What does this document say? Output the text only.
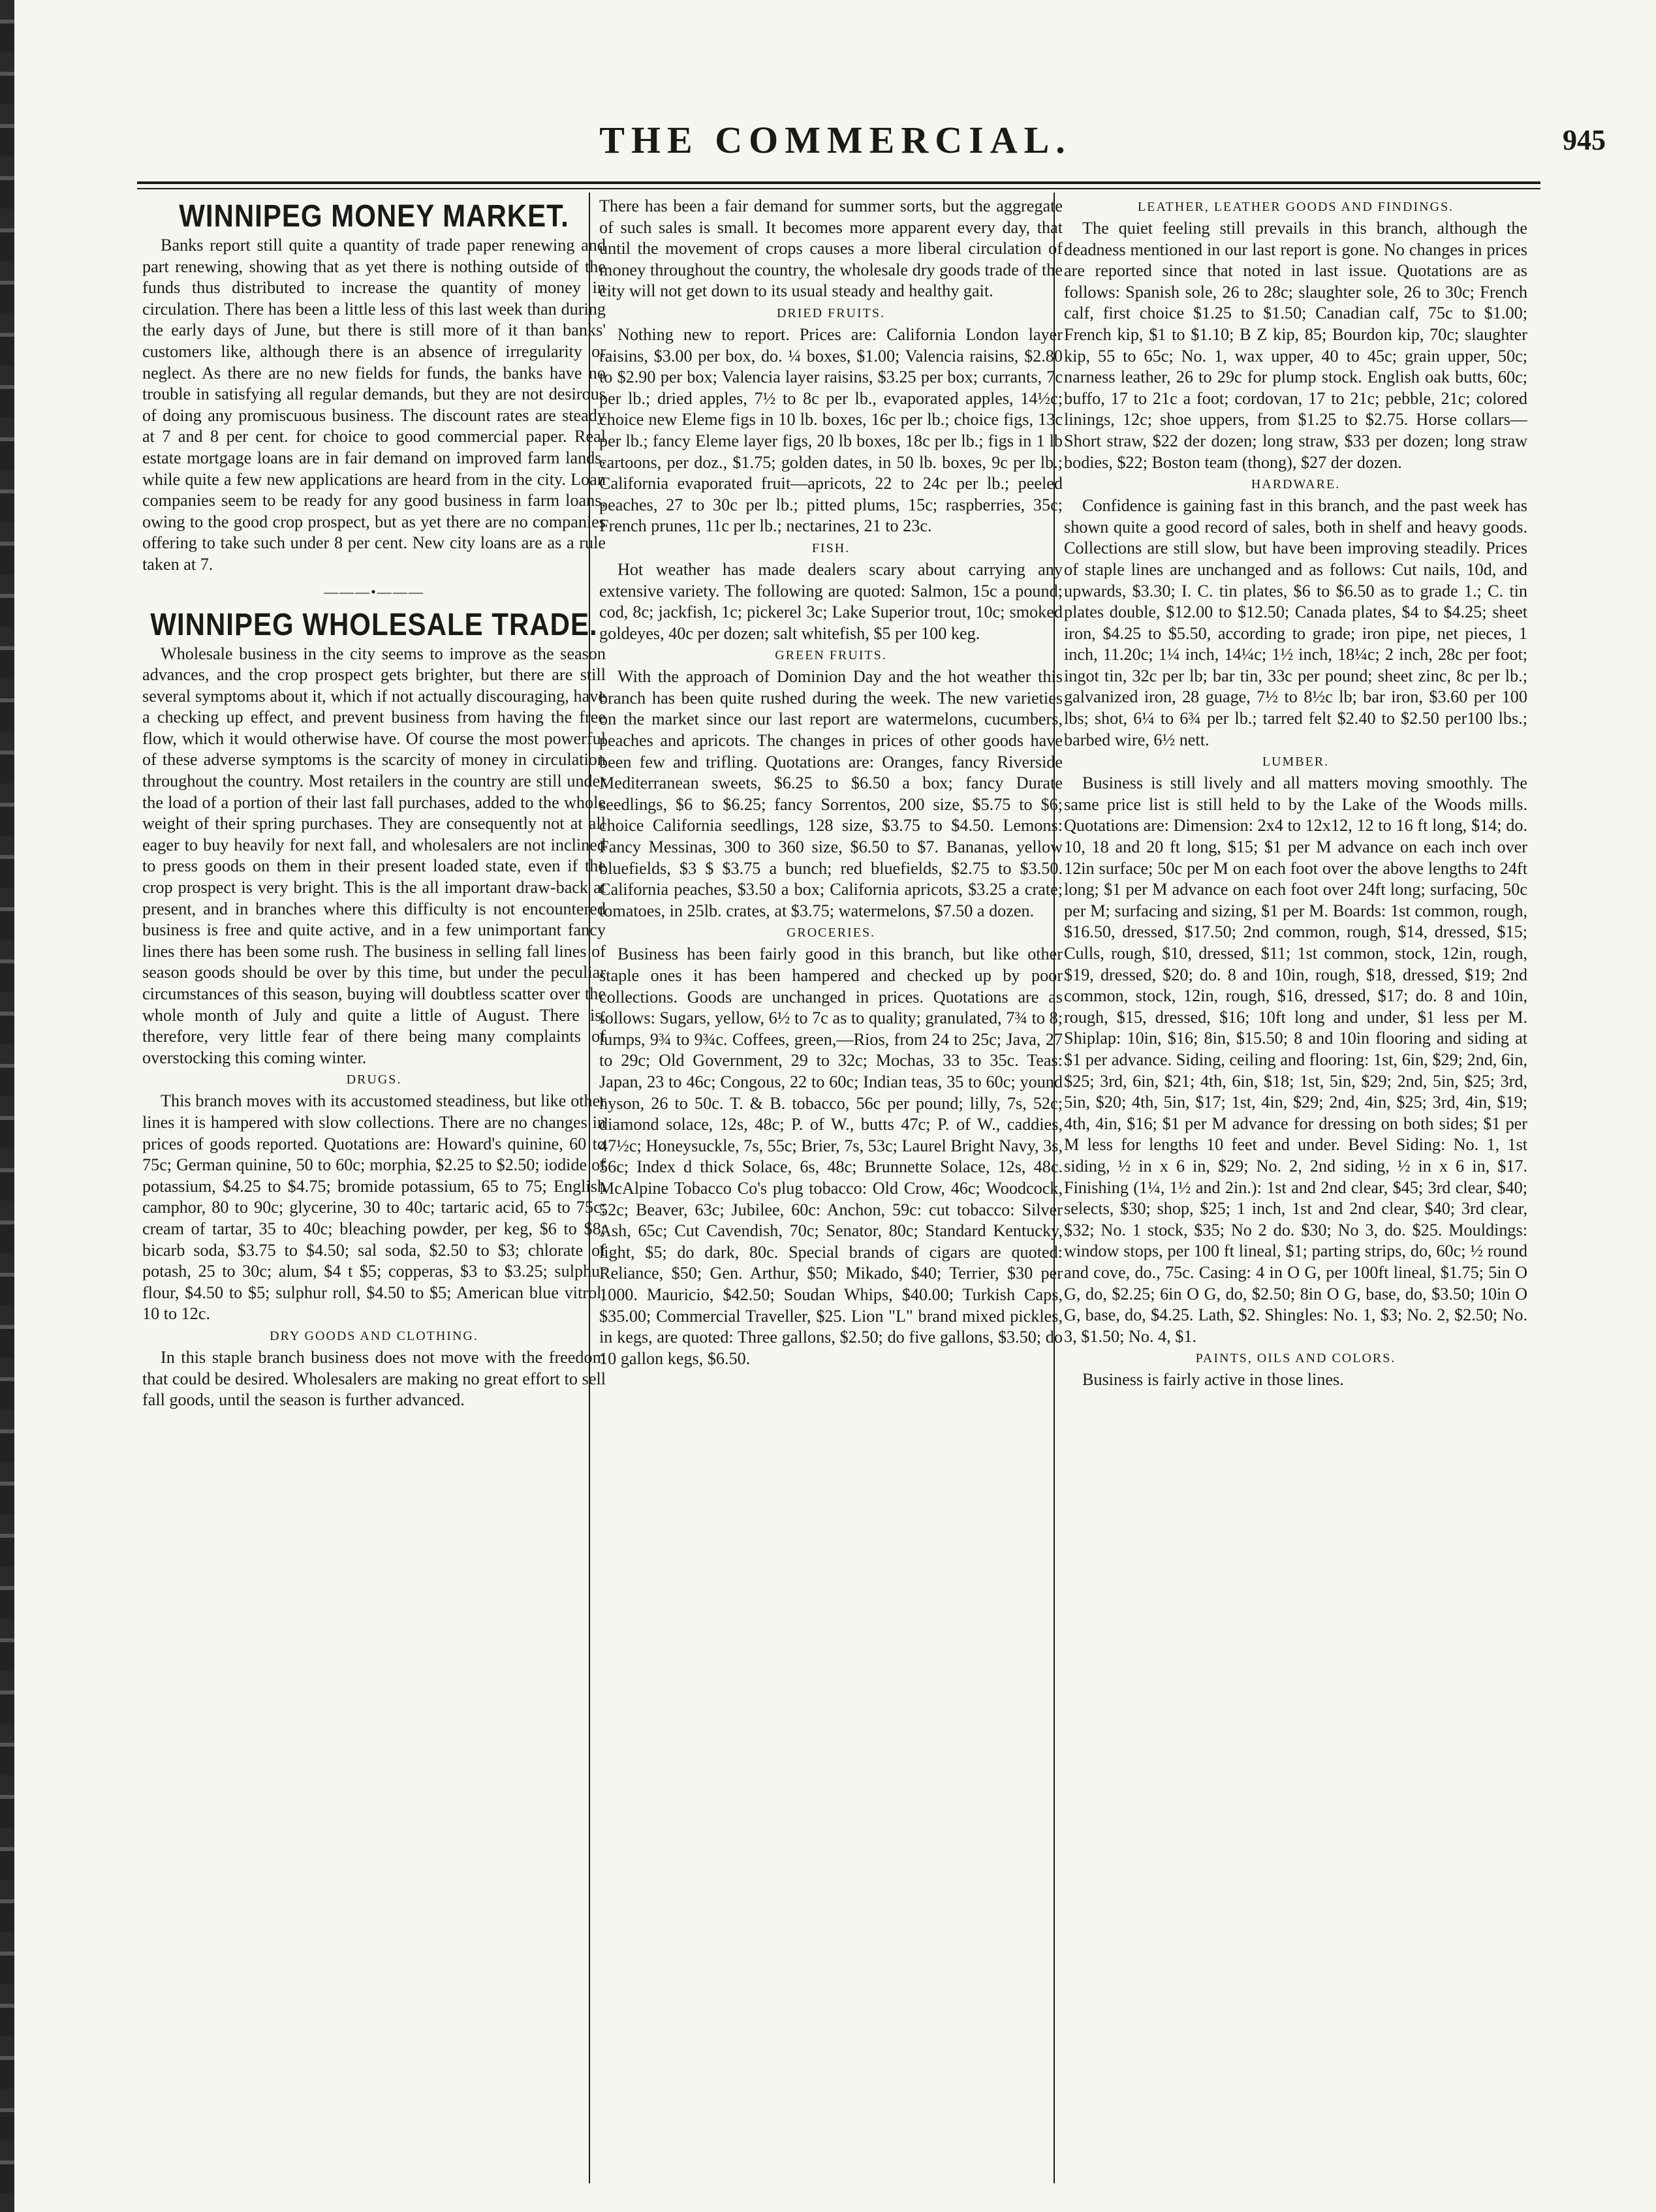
THE COMMERCIAL.	945
WINNIPEG MONEY MARKET.

Banks report still quite a quantity of trade paper renewing and part renewing, showing that as yet there is nothing outside of the funds thus distributed to increase the quantity of money in circulation. There has been a little less of this last week than during the early days of June, but there is still more of it than banks' customers like, although there is an absence of irregularity or neglect. As there are no new fields for funds, the banks have no trouble in satisfying all regular demands, but they are not desirous of doing any promiscuous business. The discount rates are steady at 7 and 8 per cent. for choice to good commercial paper. Real estate mortgage loans are in fair demand on improved farm lands, while quite a few new applications are heard from in the city. Loan companies seem to be ready for any good business in farm loans, owing to the good crop prospect, but as yet there are no companies offering to take such under 8 per cent. New city loans are as a rule taken at 7.

———•———
WINNIPEG WHOLESALE TRADE.

Wholesale business in the city seems to improve as the season advances, and the crop prospect gets brighter, but there are still several symptoms about it, which if not actually discouraging, have a checking up effect, and prevent business from having the free flow, which it would otherwise have. Of course the most powerful of these adverse symptoms is the scarcity of money in circulation throughout the country. Most retailers in the country are still under the load of a portion of their last fall purchases, added to the whole weight of their spring purchases. They are consequently not at all eager to buy heavily for next fall, and wholesalers are not inclined to press goods on them in their present loaded state, even if the crop prospect is very bright. This is the all important draw-back at present, and in branches where this difficulty is not encountered business is free and quite active, and in a few unimportant fancy lines there has been some rush. The business in selling fall lines of season goods should be over by this time, but under the peculiar circumstances of this season, buying will doubtless scatter over the whole month of July and quite a little of August. There is, therefore, very little fear of there being many complaints of overstocking this coming winter.

DRUGS.

This branch moves with its accustomed steadiness, but like other lines it is hampered with slow collections. There are no changes in prices of goods reported. Quotations are: Howard's quinine, 60 to 75c; German quinine, 50 to 60c; morphia, $2.25 to $2.50; iodide of potassium, $4.25 to $4.75; bromide potassium, 65 to 75; English camphor, 80 to 90c; glycerine, 30 to 40c; tartaric acid, 65 to 75c; cream of tartar, 35 to 40c; bleaching powder, per keg, $6 to $8; bicarb soda, $3.75 to $4.50; sal soda, $2.50 to $3; chlorate of potash, 25 to 30c; alum, $4 t $5; copperas, $3 to $3.25; sulphur flour, $4.50 to $5; sulphur roll, $4.50 to $5; American blue vitrol, 10 to 12c.

DRY GOODS AND CLOTHING.

In this staple branch business does not move with the freedom that could be desired. Wholesalers are making no great effort to sell fall goods, until the season is further advanced.

There has been a fair demand for summer sorts, but the aggregate of such sales is small. It becomes more apparent every day, that until the movement of crops causes a more liberal circulation of money throughout the country, the wholesale dry goods trade of the city will not get down to its usual steady and healthy gait.

DRIED FRUITS.

Nothing new to report. Prices are: California London layer raisins, $3.00 per box, do. ¼ boxes, $1.00; Valencia raisins, $2.80 to $2.90 per box; Valencia layer raisins, $3.25 per box; currants, 7c per lb.; dried apples, 7½ to 8c per lb., evaporated apples, 14½c; choice new Eleme figs in 10 lb. boxes, 16c per lb.; choice figs, 13c per lb.; fancy Eleme layer figs, 20 lb boxes, 18c per lb.; figs in 1 lb cartoons, per doz., $1.75; golden dates, in 50 lb. boxes, 9c per lb.; California evaporated fruit—apricots, 22 to 24c per lb.; peeled peaches, 27 to 30c per lb.; pitted plums, 15c; raspberries, 35c; French prunes, 11c per lb.; nectarines, 21 to 23c.

FISH.

Hot weather has made dealers scary about carrying any extensive variety. The following are quoted: Salmon, 15c a pound; cod, 8c; jackfish, 1c; pickerel 3c; Lake Superior trout, 10c; smoked goldeyes, 40c per dozen; salt whitefish, $5 per 100 keg.

GREEN FRUITS.

With the approach of Dominion Day and the hot weather this branch has been quite rushed during the week. The new varieties on the market since our last report are watermelons, cucumbers, peaches and apricots. The changes in prices of other goods have been few and trifling. Quotations are: Oranges, fancy Riverside Mediterranean sweets, $6.25 to $6.50 a box; fancy Durate seedlings, $6 to $6.25; fancy Sorrentos, 200 size, $5.75 to $6; choice California seedlings, 128 size, $3.75 to $4.50. Lemons: Fancy Messinas, 300 to 360 size, $6.50 to $7. Bananas, yellow bluefields, $3 $ $3.75 a bunch; red bluefields, $2.75 to $3.50. California peaches, $3.50 a box; California apricots, $3.25 a crate; tomatoes, in 25lb. crates, at $3.75; watermelons, $7.50 a dozen.

GROCERIES.

Business has been fairly good in this branch, but like other staple ones it has been hampered and checked up by poor collections. Goods are unchanged in prices. Quotations are as follows: Sugars, yellow, 6½ to 7c as to quality; granulated, 7¾ to 8; lumps, 9¾ to 9¾c. Coffees, green,—Rios, from 24 to 25c; Java, 27 to 29c; Old Government, 29 to 32c; Mochas, 33 to 35c. Teas: Japan, 23 to 46c; Congous, 22 to 60c; Indian teas, 35 to 60c; yound hyson, 26 to 50c. T. & B. tobacco, 56c per pound; lilly, 7s, 52c; diamond solace, 12s, 48c; P. of W., butts 47c; P. of W., caddies, 47½c; Honeysuckle, 7s, 55c; Brier, 7s, 53c; Laurel Bright Navy, 3s, 56c; Index d thick Solace, 6s, 48c; Brunnette Solace, 12s, 48c. McAlpine Tobacco Co's plug tobacco: Old Crow, 46c; Woodcock, 52c; Beaver, 63c; Jubilee, 60c: Anchon, 59c: cut tobacco: Silver Ash, 65c; Cut Cavendish, 70c; Senator, 80c; Standard Kentucky, light, $5; do dark, 80c. Special brands of cigars are quoted: Reliance, $50; Gen. Arthur, $50; Mikado, $40; Terrier, $30 per 1000. Mauricio, $42.50; Soudan Whips, $40.00; Turkish Caps, $35.00; Commercial Traveller, $25. Lion "L" brand mixed pickles, in kegs, are quoted: Three gallons, $2.50; do five gallons, $3.50; do 10 gallon kegs, $6.50.

LEATHER, LEATHER GOODS AND FINDINGS.

The quiet feeling still prevails in this branch, although the deadness mentioned in our last report is gone. No changes in prices are reported since that noted in last issue. Quotations are as follows: Spanish sole, 26 to 28c; slaughter sole, 26 to 30c; French calf, first choice $1.25 to $1.50; Canadian calf, 75c to $1.00; French kip, $1 to $1.10; B Z kip, 85; Bourdon kip, 70c; slaughter kip, 55 to 65c; No. 1, wax upper, 40 to 45c; grain upper, 50c; narness leather, 26 to 29c for plump stock. English oak butts, 60c; buffo, 17 to 21c a foot; cordovan, 17 to 21c; pebble, 21c; colored linings, 12c; shoe uppers, from $1.25 to $2.75. Horse collars—Short straw, $22 der dozen; long straw, $33 per dozen; long straw bodies, $22; Boston team (thong), $27 der dozen.

HARDWARE.

Confidence is gaining fast in this branch, and the past week has shown quite a good record of sales, both in shelf and heavy goods. Collections are still slow, but have been improving steadily. Prices of staple lines are unchanged and as follows: Cut nails, 10d, and upwards, $3.30; I. C. tin plates, $6 to $6.50 as to grade 1.; C. tin plates double, $12.00 to $12.50; Canada plates, $4 to $4.25; sheet iron, $4.25 to $5.50, according to grade; iron pipe, net pieces, 1 inch, 11.20c; 1¼ inch, 14¼c; 1½ inch, 18¼c; 2 inch, 28c per foot; ingot tin, 32c per lb; bar tin, 33c per pound; sheet zinc, 8c per lb.; galvanized iron, 28 guage, 7½ to 8½c lb; bar iron, $3.60 per 100 lbs; shot, 6¼ to 6¾ per lb.; tarred felt $2.40 to $2.50 per100 lbs.; barbed wire, 6½ nett.

LUMBER.

Business is still lively and all matters moving smoothly. The same price list is still held to by the Lake of the Woods mills. Quotations are: Dimension: 2x4 to 12x12, 12 to 16 ft long, $14; do. 10, 18 and 20 ft long, $15; $1 per M advance on each inch over 12in surface; 50c per M on each foot over the above lengths to 24ft long; $1 per M advance on each foot over 24ft long; surfacing, 50c per M; surfacing and sizing, $1 per M. Boards: 1st common, rough, $16.50, dressed, $17.50; 2nd common, rough, $14, dressed, $15; Culls, rough, $10, dressed, $11; 1st common, stock, 12in, rough, $19, dressed, $20; do. 8 and 10in, rough, $18, dressed, $19; 2nd common, stock, 12in, rough, $16, dressed, $17; do. 8 and 10in, rough, $15, dressed, $16; 10ft long and under, $1 less per M. Shiplap: 10in, $16; 8in, $15.50; 8 and 10in flooring and siding at $1 per advance. Siding, ceiling and flooring: 1st, 6in, $29; 2nd, 6in, $25; 3rd, 6in, $21; 4th, 6in, $18; 1st, 5in, $29; 2nd, 5in, $25; 3rd, 5in, $20; 4th, 5in, $17; 1st, 4in, $29; 2nd, 4in, $25; 3rd, 4in, $19; 4th, 4in, $16; $1 per M advance for dressing on both sides; $1 per M less for lengths 10 feet and under. Bevel Siding: No. 1, 1st siding, ½ in x 6 in, $29; No. 2, 2nd siding, ½ in x 6 in, $17. Finishing (1¼, 1½ and 2in.): 1st and 2nd clear, $45; 3rd clear, $40; selects, $30; shop, $25; 1 inch, 1st and 2nd clear, $40; 3rd clear, $32; No. 1 stock, $35; No 2 do. $30; No 3, do. $25. Mouldings: window stops, per 100 ft lineal, $1; parting strips, do, 60c; ½ round and cove, do., 75c. Casing: 4 in O G, per 100ft lineal, $1.75; 5in O G, do, $2.25; 6in O G, do, $2.50; 8in O G, base, do, $3.50; 10in O G, base, do, $4.25. Lath, $2. Shingles: No. 1, $3; No. 2, $2.50; No. 3, $1.50; No. 4, $1.

PAINTS, OILS AND COLORS.

Business is fairly active in those lines.
